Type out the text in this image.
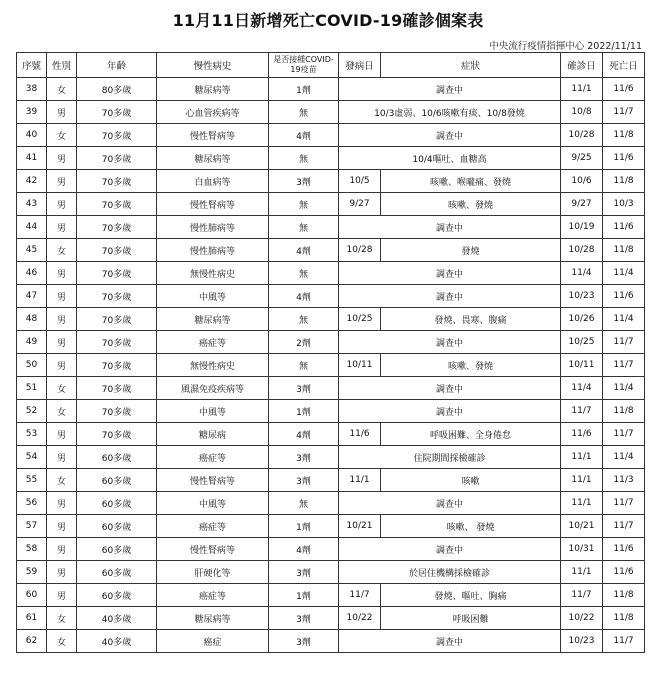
11月11日新增死亡COVID-19確診個案表
中央流行疫情指揮中心 2022/11/11
序號	性別	年齡	慢性病史	是否接種COVID-19疫苗	發病日	症狀	確診日	死亡日
38	女	80多歲	糖尿病等	1劑	調查中		11/1	11/6
39	男	70多歲	心血管疾病等	無	10/3虛弱、10/6咳嗽有痰、10/8發燒		10/8	11/7
40	女	70多歲	慢性腎病等	4劑	調查中		10/28	11/8
41	男	70多歲	糖尿病等	無	10/4嘔吐、血糖高		9/25	11/6
42	男	70多歲	白血病等	3劑	10/5	咳嗽、喉嚨痛、發燒	10/6	11/8
43	男	70多歲	慢性腎病等	無	9/27	咳嗽、發燒	9/27	10/3
44	男	70多歲	慢性肺病等	無	調查中		10/19	11/6
45	女	70多歲	慢性肺病等	4劑	10/28	發燒	10/28	11/8
46	男	70多歲	無慢性病史	無	調查中		11/4	11/4
47	男	70多歲	中風等	4劑	調查中		10/23	11/6
48	男	70多歲	糖尿病等	無	10/25	發燒、畏寒、腹痛	10/26	11/4
49	男	70多歲	癌症等	2劑	調查中		10/25	11/7
50	男	70多歲	無慢性病史	無	10/11	咳嗽、發燒	10/11	11/7
51	女	70多歲	風濕免疫疾病等	3劑	調查中		11/4	11/4
52	女	70多歲	中風等	1劑	調查中		11/7	11/8
53	男	70多歲	糖尿病	4劑	11/6	呼吸困難、全身倦怠	11/6	11/7
54	男	60多歲	癌症等	3劑	住院期間採檢確診		11/1	11/4
55	女	60多歲	慢性腎病等	3劑	11/1	咳嗽	11/1	11/3
56	男	60多歲	中風等	無	調查中		11/1	11/7
57	男	60多歲	癌症等	1劑	10/21	咳嗽、 發燒	10/21	11/7
58	男	60多歲	慢性腎病等	4劑	調查中		10/31	11/6
59	男	60多歲	肝硬化等	3劑	於居住機構採檢確診		11/1	11/6
60	男	60多歲	癌症等	1劑	11/7	發燒、嘔吐、胸痛	11/7	11/8
61	女	40多歲	糖尿病等	3劑	10/22	呼吸困難	10/22	11/8
62	女	40多歲	癌症	3劑	調查中		10/23	11/7
